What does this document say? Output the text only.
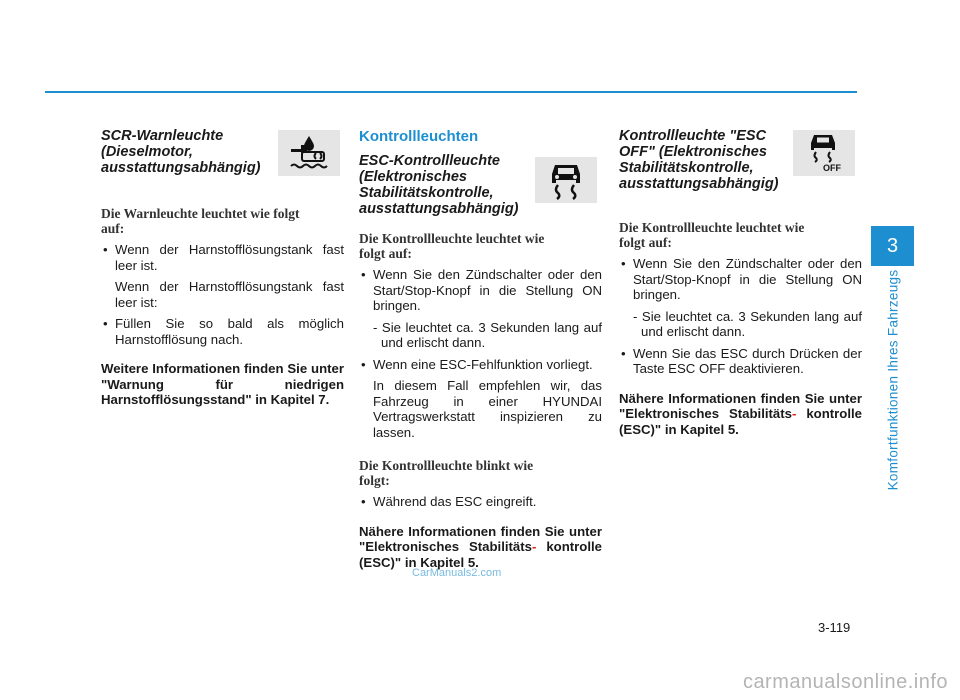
SCR-Warnleuchte
(Dieselmotor,
ausstattungsabhängig)
Die Warnleuchte leuchtet wie folgt
auf:
• Wenn der Harnstofflösungstank fast leer ist.
Wenn der Harnstofflösungstank fast leer ist:
• Füllen Sie so bald als möglich Harnstofflösung nach.
Weitere Informationen finden Sie unter "Warnung für niedrigen Harnstofflösungsstand" in Kapitel 7.
Kontrollleuchten
ESC-Kontrollleuchte
(Elektronisches
Stabilitätskontrolle,
ausstattungsabhängig)
Die Kontrollleuchte leuchtet wie
folgt auf:
• Wenn Sie den Zündschalter oder den Start/Stop-Knopf in die Stellung ON bringen.
- Sie leuchtet ca. 3 Sekunden lang auf und erlischt dann.
• Wenn eine ESC-Fehlfunktion vorliegt.
In diesem Fall empfehlen wir, das Fahrzeug in einer HYUNDAI Vertragswerkstatt inspizieren zu lassen.
Die Kontrollleuchte blinkt wie
folgt:
• Während das ESC eingreift.
Nähere Informationen finden Sie unter "Elektronisches Stabilitäts- kontrolle (ESC)" in Kapitel 5.
Kontrollleuchte "ESC
OFF" (Elektronisches
Stabilitätskontrolle,
ausstattungsabhängig)
OFF
Die Kontrollleuchte leuchtet wie
folgt auf:
• Wenn Sie den Zündschalter oder den Start/Stop-Knopf in die Stellung ON bringen.
- Sie leuchtet ca. 3 Sekunden lang auf und erlischt dann.
• Wenn Sie das ESC durch Drücken der Taste ESC OFF deaktivieren.
Nähere Informationen finden Sie unter "Elektronisches Stabilitäts- kontrolle (ESC)" in Kapitel 5.
3
Komfortfunktionen Ihres Fahrzeugs
3-119
CarManuals2.com
carmanualsonline.info
